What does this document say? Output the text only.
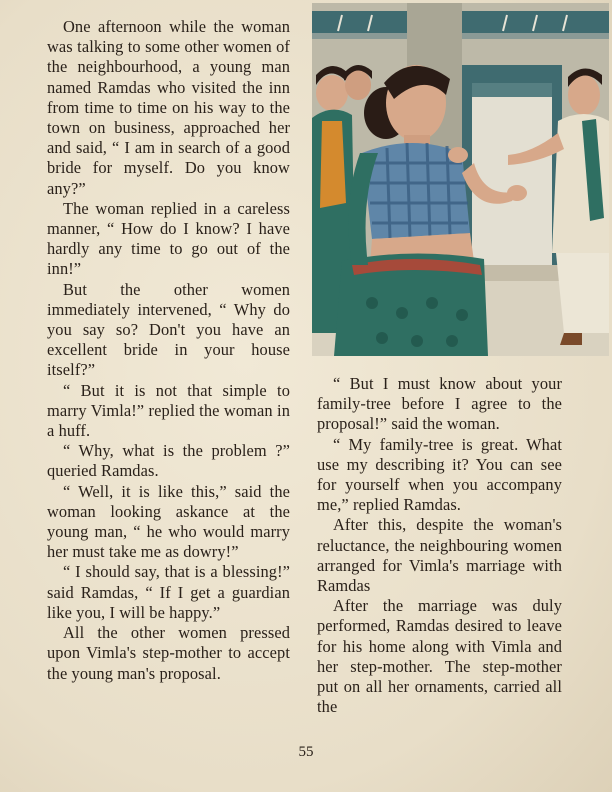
One afternoon while the woman was talking to some other women of the neighbourhood, a young man named Ramdas who visited the inn from time to time on his way to the town on business, approached her and said, “ I am in search of a good bride for myself. Do you know any?”

The woman replied in a careless manner, “ How do I know? I have hardly any time to go out of the inn!”

But the other women immediately intervened, “ Why do you say so? Don't you have an excellent bride in your house itself?”

“ But it is not that simple to marry Vimla!” replied the woman in a huff.

“ Why, what is the problem ?” queried Ramdas.

“ Well, it is like this,” said the woman looking askance at the young man, “ he who would marry her must take me as dowry!”

“ I should say, that is a blessing!” said Ramdas, “ If I get a guardian like you, I will be happy.”

All the other women pressed upon Vimla's step-mother to accept the young man's proposal.

“ But I must know about your family-tree before I agree to the proposal!” said the woman.

“ My family-tree is great. What use my describing it? You can see for yourself when you accompany me,” replied Ramdas.

After this, despite the woman's reluctance, the neighbouring women arranged for Vimla's marriage with Ramdas

After the marriage was duly performed, Ramdas desired to leave for his home along with Vimla and her step-mother. The step-mother put on all her ornaments, carried all the

55
